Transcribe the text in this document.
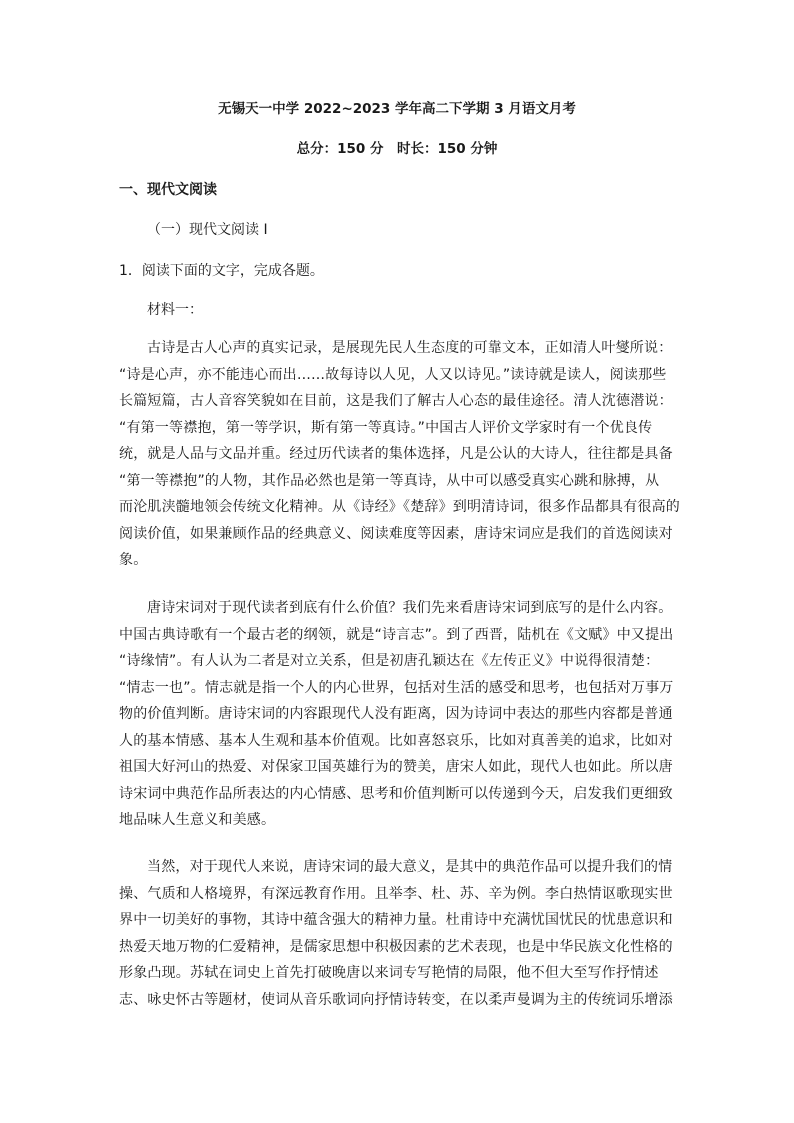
无锡天一中学 2022~2023 学年高二下学期 3 月语文月考
总分：150 分　时长：150 分钟
一、现代文阅读
（一）现代文阅读 I
1．阅读下面的文字，完成各题。
材料一：
古诗是古人心声的真实记录，是展现先民人生态度的可靠文本，正如清人叶燮所说：
“诗是心声，亦不能违心而出……故每诗以人见，人又以诗见。”读诗就是读人，阅读那些
长篇短篇，古人音容笑貌如在目前，这是我们了解古人心态的最佳途径。清人沈德潜说：
“有第一等襟抱，第一等学识，斯有第一等真诗。”中国古人评价文学家时有一个优良传
统，就是人品与文品并重。经过历代读者的集体选择，凡是公认的大诗人，往往都是具备
“第一等襟抱”的人物，其作品必然也是第一等真诗，从中可以感受真实心跳和脉搏，从
而沦肌浃髓地领会传统文化精神。从《诗经》《楚辞》到明清诗词，很多作品都具有很高的
阅读价值，如果兼顾作品的经典意义、阅读难度等因素，唐诗宋词应是我们的首选阅读对
象。
唐诗宋词对于现代读者到底有什么价值？我们先来看唐诗宋词到底写的是什么内容。
中国古典诗歌有一个最古老的纲领，就是“诗言志”。到了西晋，陆机在《文赋》中又提出
“诗缘情”。有人认为二者是对立关系，但是初唐孔颖达在《左传正义》中说得很清楚：
“情志一也”。情志就是指一个人的内心世界，包括对生活的感受和思考，也包括对万事万
物的价值判断。唐诗宋词的内容跟现代人没有距离，因为诗词中表达的那些内容都是普通
人的基本情感、基本人生观和基本价值观。比如喜怒哀乐，比如对真善美的追求，比如对
祖国大好河山的热爱、对保家卫国英雄行为的赞美，唐宋人如此，现代人也如此。所以唐
诗宋词中典范作品所表达的内心情感、思考和价值判断可以传递到今天，启发我们更细致
地品味人生意义和美感。
当然，对于现代人来说，唐诗宋词的最大意义，是其中的典范作品可以提升我们的情
操、气质和人格境界，有深远教育作用。且举李、杜、苏、辛为例。李白热情讴歌现实世
界中一切美好的事物，其诗中蕴含强大的精神力量。杜甫诗中充满忧国忧民的忧患意识和
热爱天地万物的仁爱精神，是儒家思想中积极因素的艺术表现，也是中华民族文化性格的
形象凸现。苏轼在词史上首先打破晚唐以来词专写艳情的局限，他不但大至写作抒情述
志、咏史怀古等题材，使词从音乐歌词向抒情诗转变，在以柔声曼调为主的传统词乐增添
